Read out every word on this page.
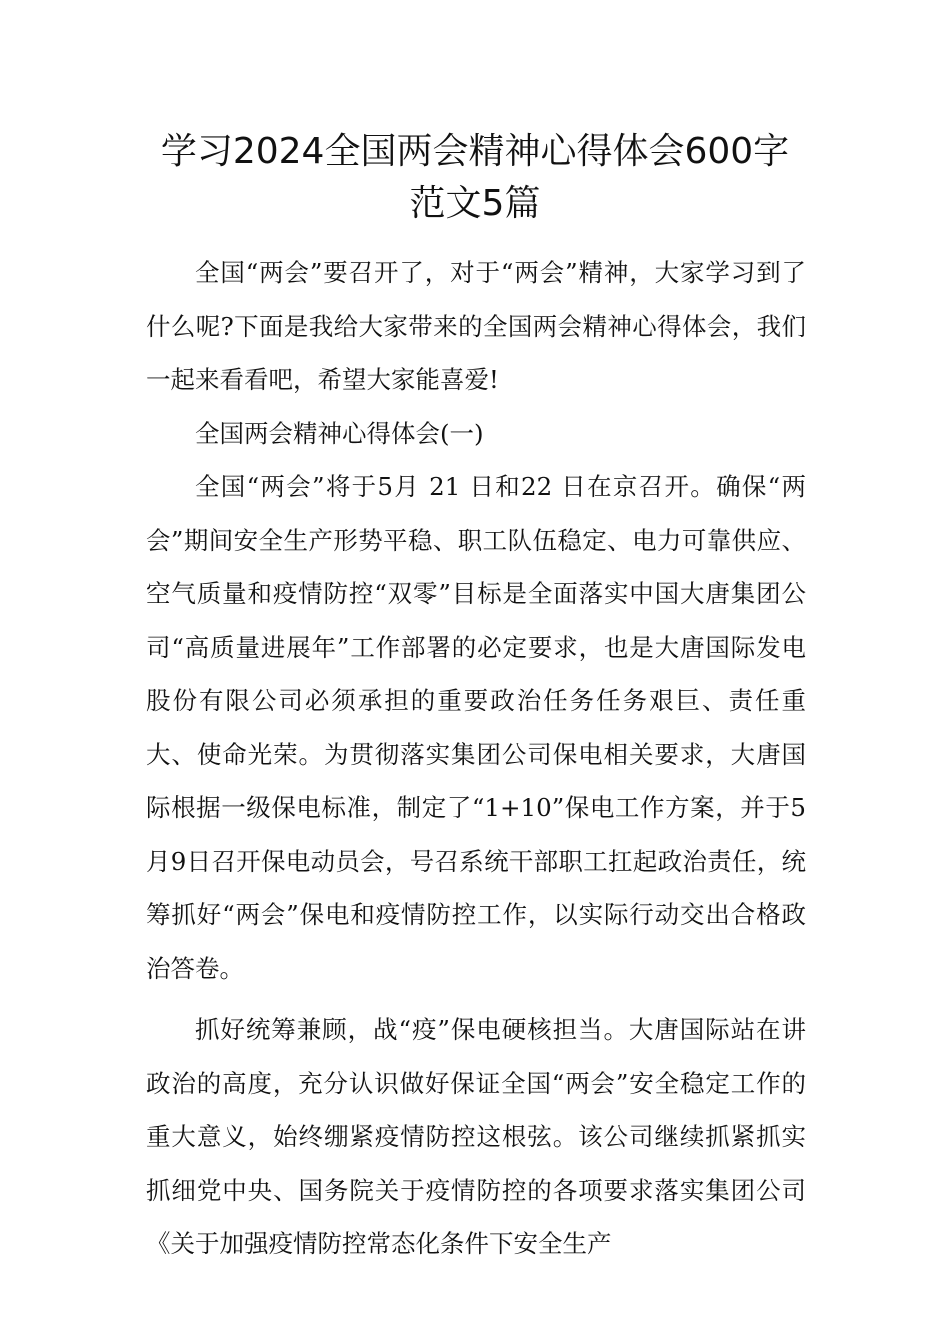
学习2024全国两会精神心得体会600字
范文5篇

全国“两会”要召开了，对于“两会”精神，大家学习到了什么呢?下面是我给大家带来的全国两会精神心得体会，我们一起来看看吧，希望大家能喜爱!

全国两会精神心得体会(一)

全国“两会”将于5月 21 日和22 日在京召开。确保“两会”期间安全生产形势平稳、职工队伍稳定、电力可靠供应、空气质量和疫情防控“双零”目标是全面落实中国大唐集团公司“高质量进展年”工作部署的必定要求，也是大唐国际发电股份有限公司必须承担的重要政治任务任务艰巨、责任重大、使命光荣。为贯彻落实集团公司保电相关要求，大唐国际根据一级保电标准，制定了“1+10”保电工作方案，并于5月9日召开保电动员会，号召系统干部职工扛起政治责任，统筹抓好“两会”保电和疫情防控工作，以实际行动交出合格政治答卷。

抓好统筹兼顾，战“疫”保电硬核担当。大唐国际站在讲政治的高度，充分认识做好保证全国“两会”安全稳定工作的重大意义，始终绷紧疫情防控这根弦。该公司继续抓紧抓实抓细党中央、国务院关于疫情防控的各项要求落实集团公司《关于加强疫情防控常态化条件下安全生产
